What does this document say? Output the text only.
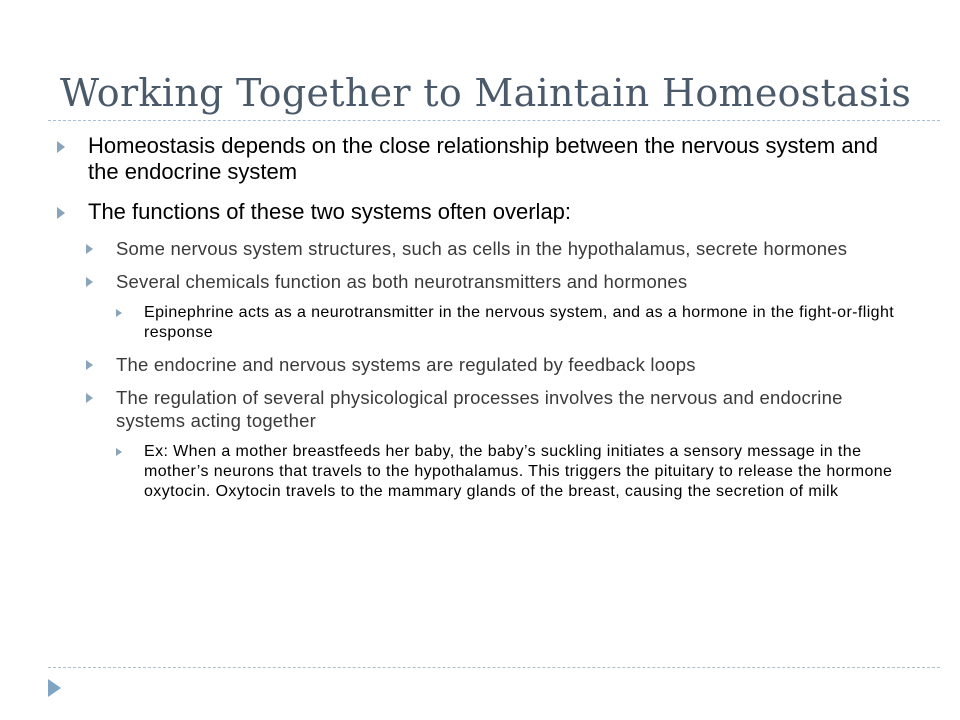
Working Together to Maintain Homeostasis
Homeostasis depends on the close relationship between the nervous system and the endocrine system
The functions of these two systems often overlap:
Some nervous system structures, such as cells in the hypothalamus, secrete hormones
Several chemicals function as both neurotransmitters and hormones
Epinephrine acts as a neurotransmitter in the nervous system, and as a hormone in the fight-or-flight response
The endocrine and nervous systems are regulated by feedback loops
The regulation of several physicological processes involves the nervous and endocrine systems acting together
Ex: When a mother breastfeeds her baby, the baby’s suckling initiates a sensory message in the mother’s neurons that travels to the hypothalamus. This triggers the pituitary to release the hormone oxytocin. Oxytocin travels to the mammary glands of the breast, causing the secretion of milk
